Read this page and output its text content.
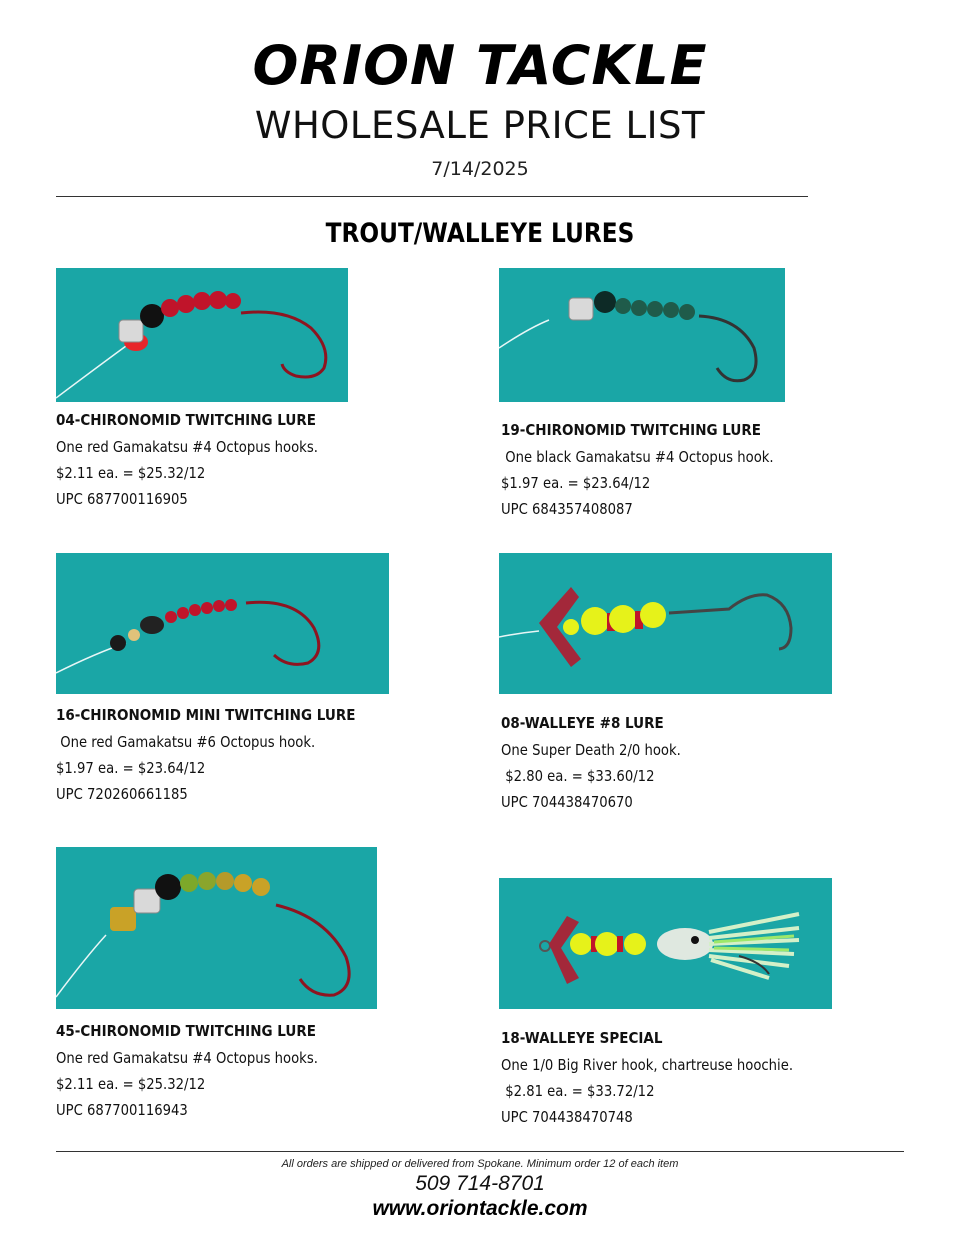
ORION TACKLE
WHOLESALE PRICE LIST
7/14/2025
TROUT/WALLEYE LURES
04-CHIRONOMID TWITCHING LURE
One red Gamakatsu #4 Octopus hooks.
$2.11 ea. = $25.32/12
UPC 687700116905
19-CHIRONOMID TWITCHING LURE
One black Gamakatsu #4 Octopus hook.
$1.97 ea. = $23.64/12
UPC 684357408087
16-CHIRONOMID MINI TWITCHING LURE
One red Gamakatsu #6 Octopus hook.
$1.97 ea. = $23.64/12
UPC 720260661185
08-WALLEYE #8 LURE
One Super Death 2/0 hook.
$2.80 ea. = $33.60/12
UPC 704438470670
45-CHIRONOMID TWITCHING LURE
One red Gamakatsu #4 Octopus hooks.
$2.11 ea. = $25.32/12
UPC 687700116943
18-WALLEYE SPECIAL
One 1/0 Big River hook, chartreuse hoochie.
$2.81 ea. = $33.72/12
UPC 704438470748
All orders are shipped or delivered from Spokane. Minimum order 12 of each item
509 714-8701
www.oriontackle.com
